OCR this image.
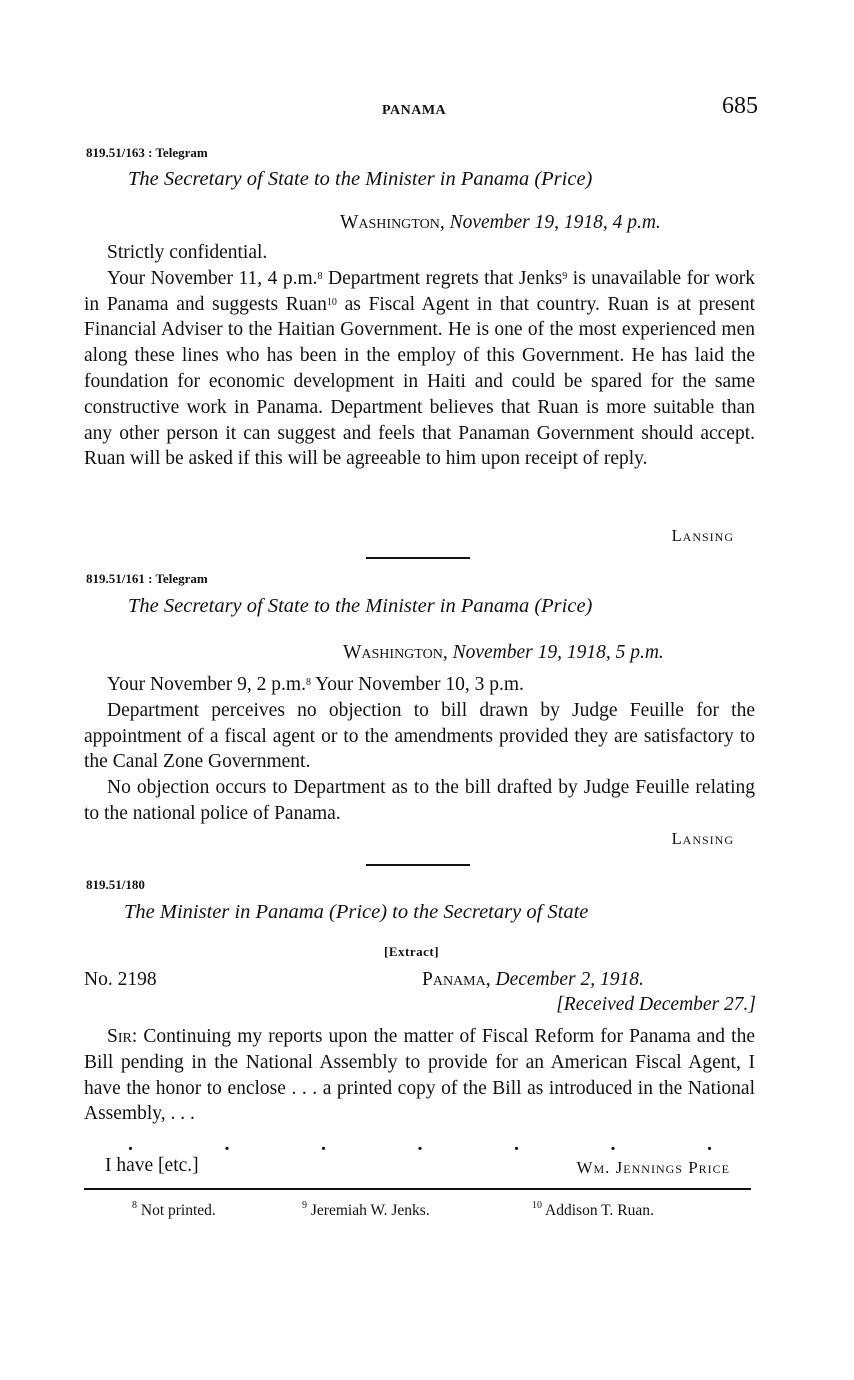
PANAMA	685
819.51/163 : Telegram
The Secretary of State to the Minister in Panama (Price)
Washington, November 19, 1918, 4 p.m.

Strictly confidential.

Your November 11, 4 p.m.$^8$ Department regrets that Jenks$^9$ is unavailable for work in Panama and suggests Ruan$^{10}$ as Fiscal Agent in that country. Ruan is at present Financial Adviser to the Haitian Government. He is one of the most experienced men along these lines who has been in the employ of this Government. He has laid the foundation for economic development in Haiti and could be spared for the same constructive work in Panama. Department believes that Ruan is more suitable than any other person it can suggest and feels that Panaman Government should accept. Ruan will be asked if this will be agreeable to him upon receipt of reply.

Lansing
819.51/161 : Telegram
The Secretary of State to the Minister in Panama (Price)
Washington, November 19, 1918, 5 p.m.

Your November 9, 2 p.m.$^8$ Your November 10, 3 p.m.

Department perceives no objection to bill drawn by Judge Feuille for the appointment of a fiscal agent or to the amendments provided they are satisfactory to the Canal Zone Government.

No objection occurs to Department as to the bill drafted by Judge Feuille relating to the national police of Panama.

Lansing
819.51/180
The Minister in Panama (Price) to the Secretary of State
[Extract]
No. 2198	Panama, December 2, 1918.
[Received December 27.]

Sir: Continuing my reports upon the matter of Fiscal Reform for Panama and the Bill pending in the National Assembly to provide for an American Fiscal Agent, I have the honor to enclose . . . a printed copy of the Bill as introduced in the National Assembly, . . .

.	.	.	.	.	.	.
I have [etc.]	Wm. Jennings Price
$^8$ Not printed.	$^9$ Jeremiah W. Jenks.	$^{10}$ Addison T. Ruan.
